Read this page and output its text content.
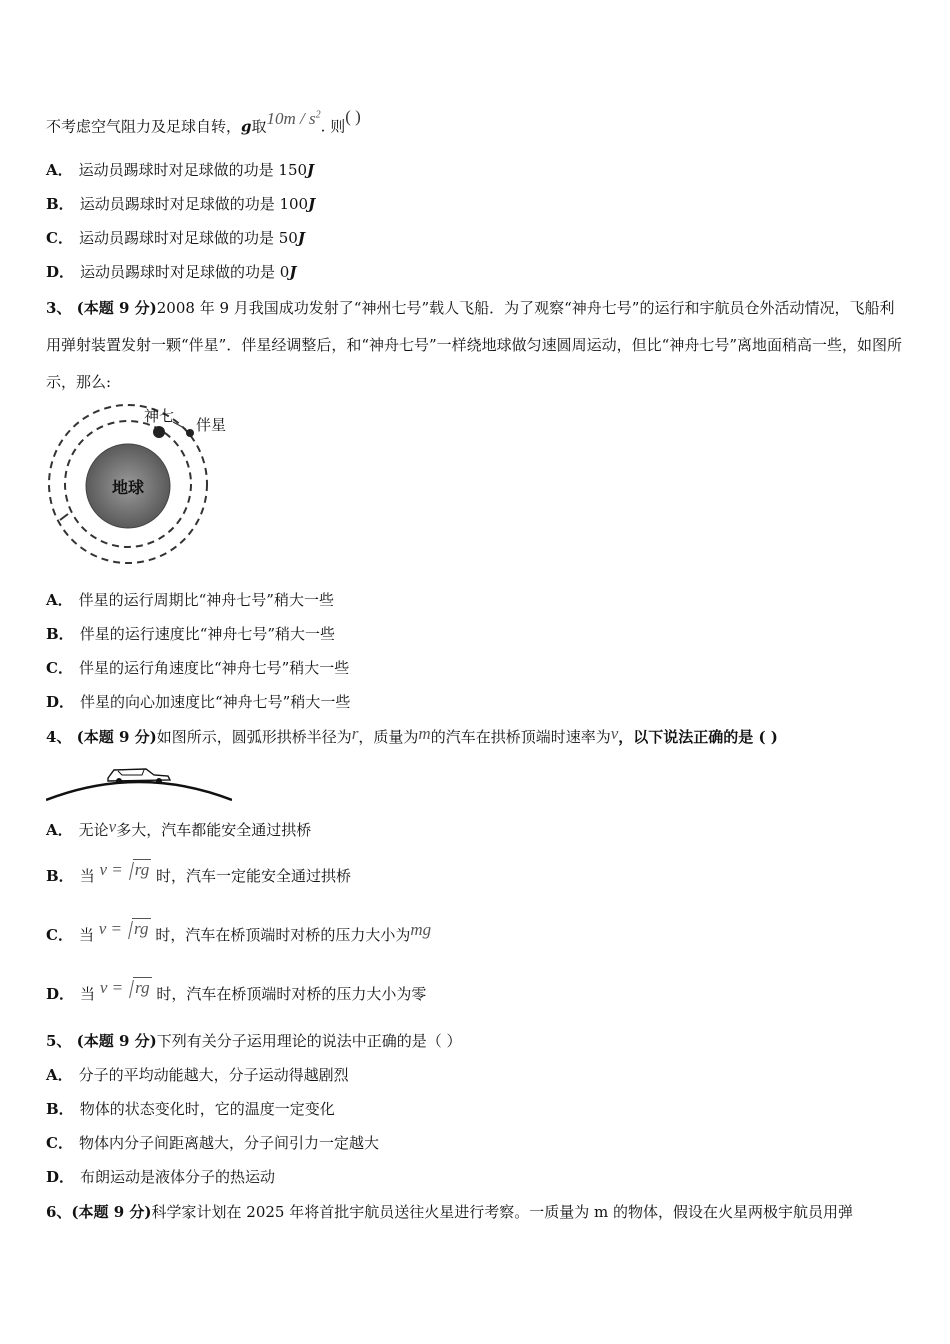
不考虑空气阻力及足球自转，g取$10m / s^2$. 则( )
A． 运动员踢球时对足球做的功是 150J
B． 运动员踢球时对足球做的功是 100J
C． 运动员踢球时对足球做的功是 50J
D． 运动员踢球时对足球做的功是 0J
3、 (本题 9 分)2008 年 9 月我国成功发射了“神州七号”载人飞船．为了观察“神舟七号”的运行和宇航员仓外活动情况，飞船利用弹射装置发射一颗“伴星”．伴星经调整后，和“神舟七号”一样绕地球做匀速圆周运动，但比“神舟七号”离地面稍高一些，如图所示，那么:
地球
神七 伴星
A． 伴星的运行周期比“神舟七号”稍大一些
B． 伴星的运行速度比“神舟七号”稍大一些
C． 伴星的运行角速度比“神舟七号”稍大一些
D． 伴星的向心加速度比“神舟七号”稍大一些
4、 (本题 9 分)如图所示，圆弧形拱桥半径为r，质量为m的汽车在拱桥顶端时速率为v，以下说法正确的是 ( )
A． 无论v多大，汽车都能安全通过拱桥
B． 当 v = rg 时，汽车一定能安全通过拱桥
C． 当 v = rg 时，汽车在桥顶端时对桥的压力大小为mg
D． 当 v = rg 时，汽车在桥顶端时对桥的压力大小为零
5、 (本题 9 分)下列有关分子运用理论的说法中正确的是（ ）
A． 分子的平均动能越大，分子运动得越剧烈
B． 物体的状态变化时，它的温度一定变化
C． 物体内分子间距离越大，分子间引力一定越大
D． 布朗运动是液体分子的热运动
6、(本题 9 分)科学家计划在 2025 年将首批宇航员送往火星进行考察。一质量为 m 的物体，假设在火星两极宇航员用弹
